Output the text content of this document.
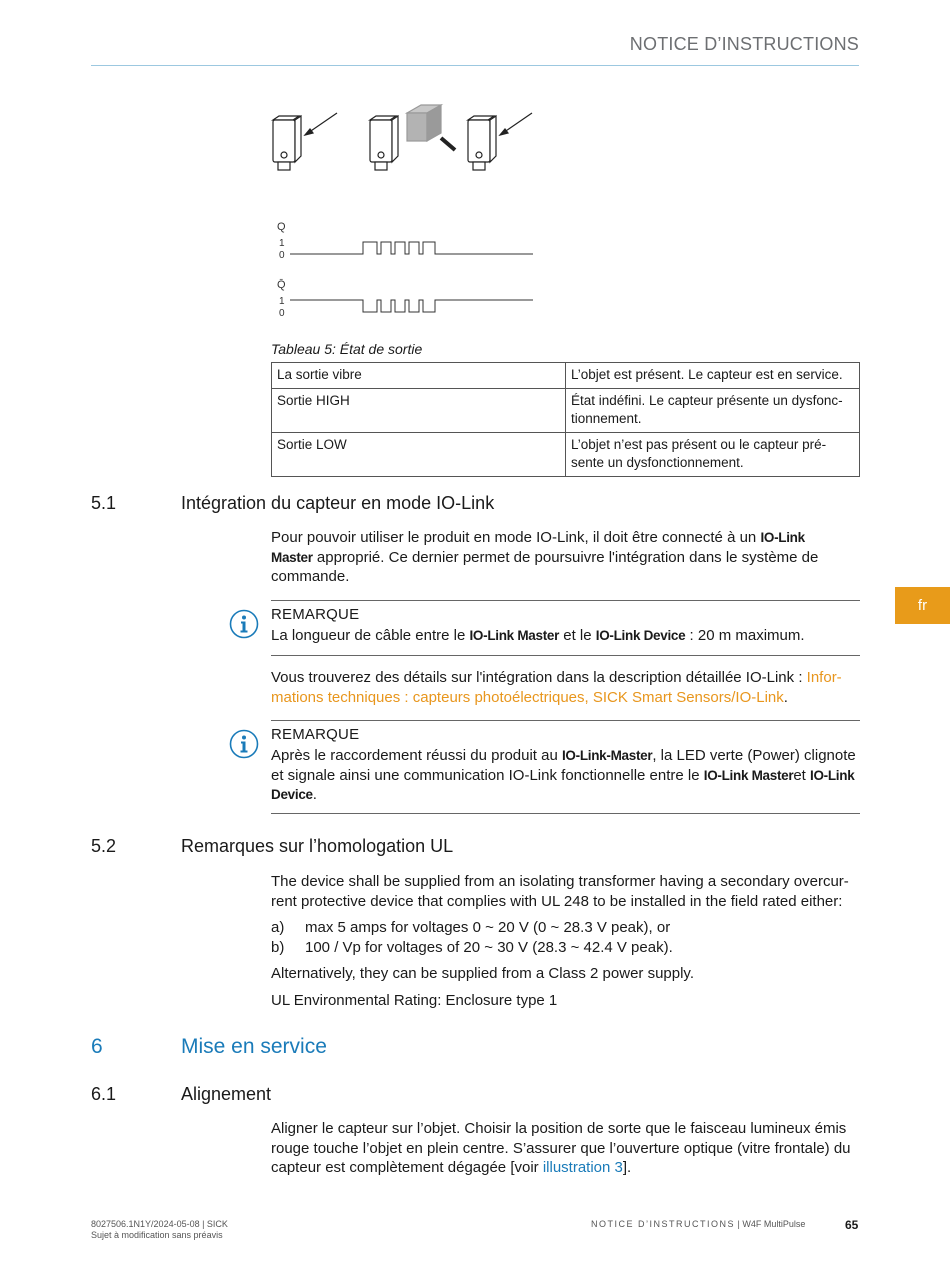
NOTICE D’INSTRUCTIONS
fr
Q
1
0
Q̄
1
0
Tableau 5: État de sortie
La sortie vibre	L’objet est présent. Le capteur est en service.
Sortie HIGH	État indéfini. Le capteur présente un dysfonc-
tionnement.
Sortie LOW	L’objet n’est pas présent ou le capteur pré-
sente un dysfonctionnement.
5.1	Intégration du capteur en mode IO-Link
Pour pouvoir utiliser le produit en mode IO-Link, il doit être connecté à un IO-Link
Master approprié. Ce dernier permet de poursuivre l'intégration dans le système de
commande.
REMARQUE
La longueur de câble entre le IO-Link Master et le IO-Link Device : 20 m maximum.
Vous trouverez des détails sur l'intégration dans la description détaillée IO-Link : Infor-
mations techniques : capteurs photoélectriques, SICK Smart Sensors/IO-Link.
REMARQUE
Après le raccordement réussi du produit au IO-Link-Master, la LED verte (Power) clignote
et signale ainsi une communication IO-Link fonctionnelle entre le IO-Link Masteret IO-Link
Device.
5.2	Remarques sur l’homologation UL
The device shall be supplied from an isolating transformer having a secondary overcur-
rent protective device that complies with UL 248 to be installed in the field rated either:
a) max 5 amps for voltages 0 ~ 20 V (0 ~ 28.3 V peak), or
b) 100 / Vp for voltages of 20 ~ 30 V (28.3 ~ 42.4 V peak).
Alternatively, they can be supplied from a Class 2 power supply.
UL Environmental Rating: Enclosure type 1
6	Mise en service
6.1	Alignement
Aligner le capteur sur l’objet. Choisir la position de sorte que le faisceau lumineux émis
rouge touche l’objet en plein centre. S’assurer que l’ouverture optique (vitre frontale) du
capteur est complètement dégagée [voir illustration 3].
8027506.1N1Y/2024-05-08 | SICK
Sujet à modification sans préavis
NOTICE D’INSTRUCTIONS | W4F MultiPulse	65
